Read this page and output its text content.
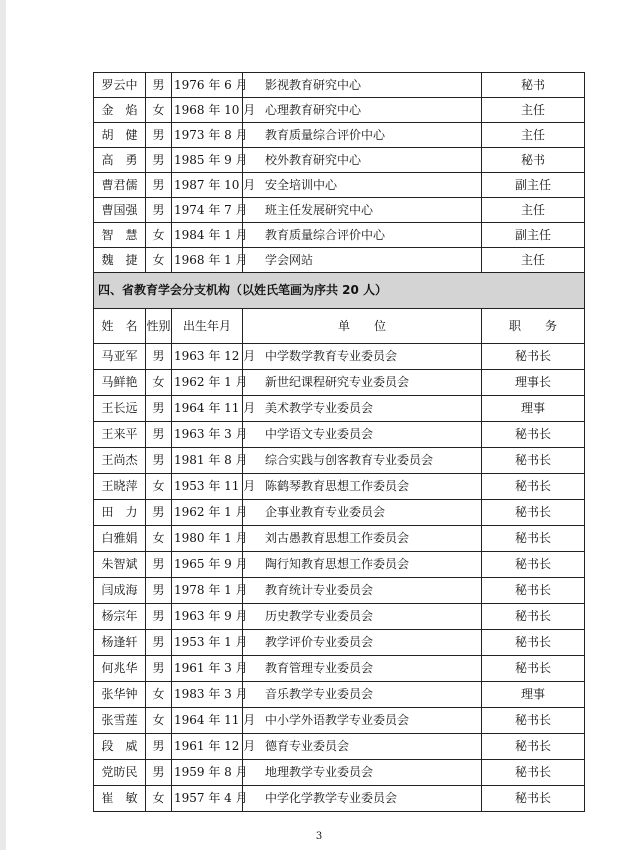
罗云中	男	1976 年 6 月	影视教育研究中心	秘书
金　焰	女	1968 年 10 月	心理教育研究中心	主任
胡　健	男	1973 年 8 月	教育质量综合评价中心	主任
高　勇	男	1985 年 9 月	校外教育研究中心	秘书
曹君儒	男	1987 年 10 月	安全培训中心	副主任
曹国强	男	1974 年 7 月	班主任发展研究中心	主任
智　慧	女	1984 年 1 月	教育质量综合评价中心	副主任
魏　捷	女	1968 年 1 月	学会网站	主任
四、省教育学会分支机构（以姓氏笔画为序共 20 人）				
姓　名	性别	出生年月	单　　位	职　　务
马亚军	男	1963 年 12 月	中学数学教育专业委员会	秘书长
马鲜艳	女	1962 年 1 月	新世纪课程研究专业委员会	理事长
王长远	男	1964 年 11 月	美术教学专业委员会	理事
王来平	男	1963 年 3 月	中学语文专业委员会	秘书长
王尚杰	男	1981 年 8 月	综合实践与创客教育专业委员会	秘书长
王晓萍	女	1953 年 11 月	陈鹤琴教育思想工作委员会	秘书长
田　力	男	1962 年 1 月	企事业教育专业委员会	秘书长
白雅娟	女	1980 年 1 月	刘古愚教育思想工作委员会	秘书长
朱智斌	男	1965 年 9 月	陶行知教育思想工作委员会	秘书长
闫成海	男	1978 年 1 月	教育统计专业委员会	秘书长
杨宗年	男	1963 年 9 月	历史教学专业委员会	秘书长
杨逢轩	男	1953 年 1 月	教学评价专业委员会	秘书长
何兆华	男	1961 年 3 月	教育管理专业委员会	秘书长
张华钟	女	1983 年 3 月	音乐教学专业委员会	理事
张雪莲	女	1964 年 11 月	中小学外语教学专业委员会	秘书长
段　威	男	1961 年 12 月	德育专业委员会	秘书长
党昉民	男	1959 年 8 月	地理教学专业委员会	秘书长
崔　敏	女	1957 年 4 月	中学化学教学专业委员会	秘书长
3
